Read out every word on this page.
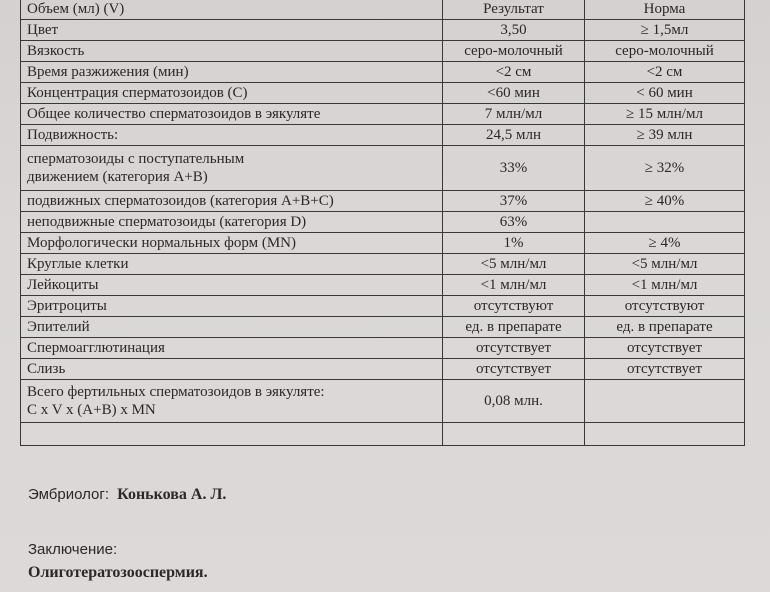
Объем (мл) (V)	Результат	Норма
Цвет	3,50	≥ 1,5мл
Вязкость	серо-молочный	серо-молочный
Время разжижения (мин)	<2 см	<2 см
Концентрация сперматозоидов (C)	<60 мин	< 60 мин
Общее количество сперматозоидов в эякуляте	7 млн/мл	≥ 15 млн/мл
Подвижность:	24,5 млн	≥ 39 млн
сперматозоиды с поступательным
движением (категория A+B)	33%	≥ 32%
подвижных сперматозоидов (категория A+B+C)	37%	≥ 40%
неподвижные сперматозоиды (категория D)	63%	
Морфологически нормальных форм (MN)	1%	≥ 4%
Круглые клетки	<5 млн/мл	<5 млн/мл
Лейкоциты	<1 млн/мл	<1 млн/мл
Эритроциты	отсутствуют	отсутствуют
Эпителий	ед. в препарате	ед. в препарате
Спермоагглютинация	отсутствует	отсутствует
Слизь	отсутствует	отсутствует
Всего фертильных сперматозоидов в эякуляте:
C x V x (A+B) x MN	0,08 млн.	

Эмбриолог: Конькова А. Л.
Заключение:
Олиготератозооспермия.
